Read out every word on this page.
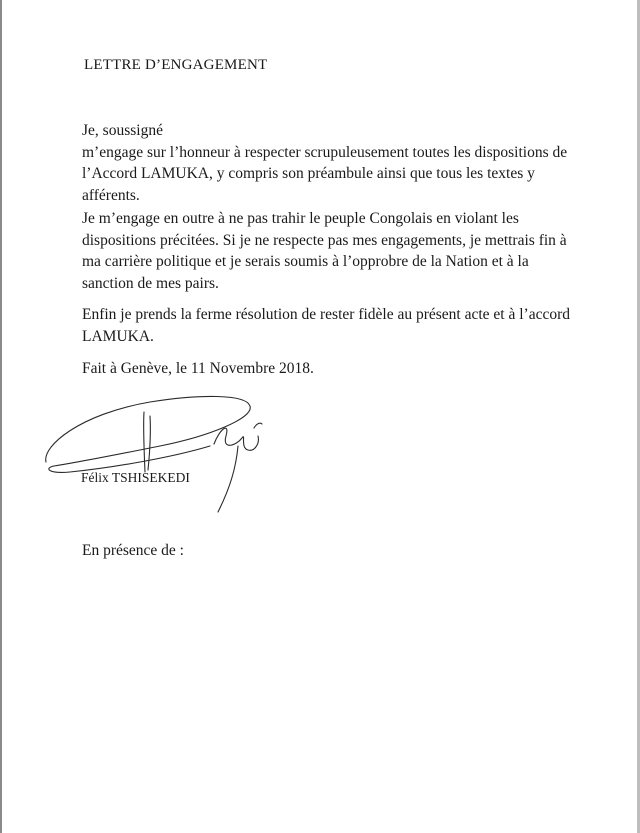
LETTRE D’ENGAGEMENT
Je, soussigné
m’engage sur l’honneur à respecter scrupuleusement toutes les dispositions de
l’Accord LAMUKA, y compris son préambule ainsi que tous les textes y
afférents.
Je m’engage en outre à ne pas trahir le peuple Congolais en violant les
dispositions précitées. Si je ne respecte pas mes engagements, je mettrais fin à
ma carrière politique et je serais soumis à l’opprobre de la Nation et à la
sanction de mes pairs.
Enfin je prends la ferme résolution de rester fidèle au présent acte et à l’accord
LAMUKA.
Fait à Genève, le 11 Novembre 2018.
Félix TSHISEKEDI
En présence de :
